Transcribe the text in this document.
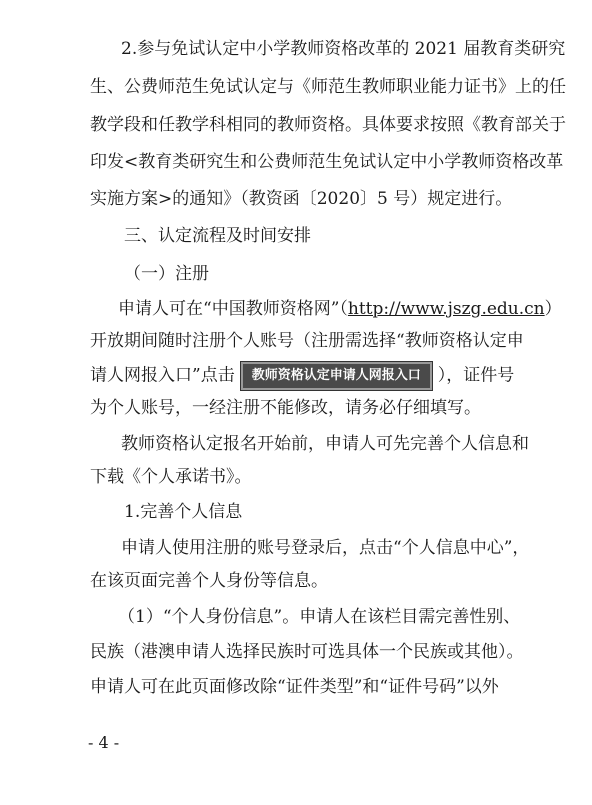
2.参与免试认定中小学教师资格改革的 2021 届教育类研究
生、公费师范生免试认定与《师范生教师职业能力证书》上的任
教学段和任教学科相同的教师资格。具体要求按照《教育部关于
印发<教育类研究生和公费师范生免试认定中小学教师资格改革
实施方案>的通知》（教资函〔2020〕5 号）规定进行。
三、认定流程及时间安排
（一）注册
申请人可在“中国教师资格网”（http://www.jszg.edu.cn）
开放期间随时注册个人账号（注册需选择“教师资格认定申
请人网报入口”点击 教师资格认定申请人网报入口 ），证件号
为个人账号，一经注册不能修改，请务必仔细填写。
教师资格认定报名开始前，申请人可先完善个人信息和
下载《个人承诺书》。
1.完善个人信息
申请人使用注册的账号登录后，点击“个人信息中心”，
在该页面完善个人身份等信息。
（1）“个人身份信息”。申请人在该栏目需完善性别、
民族（港澳申请人选择民族时可选具体一个民族或其他）。
申请人可在此页面修改除“证件类型”和“证件号码”以外
- 4 -
